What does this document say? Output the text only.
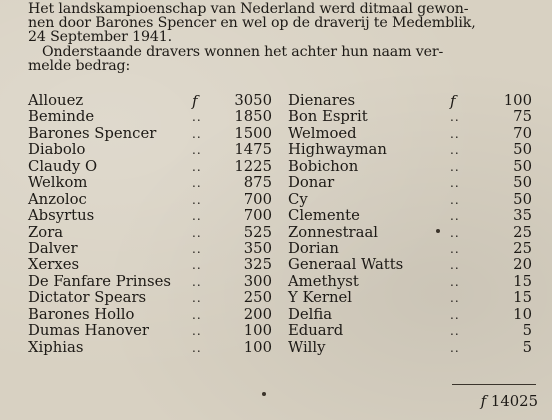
Het landskampioenschap van Nederland werd ditmaal gewon-

nen door Barones Spencer en wel op de draverij te Medemblik,

24 September 1941.

Onderstaande dravers wonnen het achter hun naam ver-

melde bedrag:

Allouez
Beminde
Barones Spencer
Diabolo
Claudy O
Welkom
Anzoloc
Absyrtus
Zora
Dalver
Xerxes
De Fanfare Prinses
Dictator Spears
Barones Hollo
Dumas Hanover
Xiphias
f
..
..
..
..
..
..
..
..
..
..
..
..
..
..
..
3050
1850
1500
1475
1225
875
700
700
525
350
325
300
250
200
100
100
Dienares
Bon Esprit
Welmoed
Highwayman
Bobichon
Donar
Cy
Clemente
Zonnestraal
Dorian
Generaal Watts
Amethyst
Y Kernel
Delfia
Eduard
Willy
f
..
..
..
..
..
..
..
..
..
..
..
..
..
..
..
100
75
70
50
50
50
50
35
25
25
20
15
15
10
5
5
f 14025
